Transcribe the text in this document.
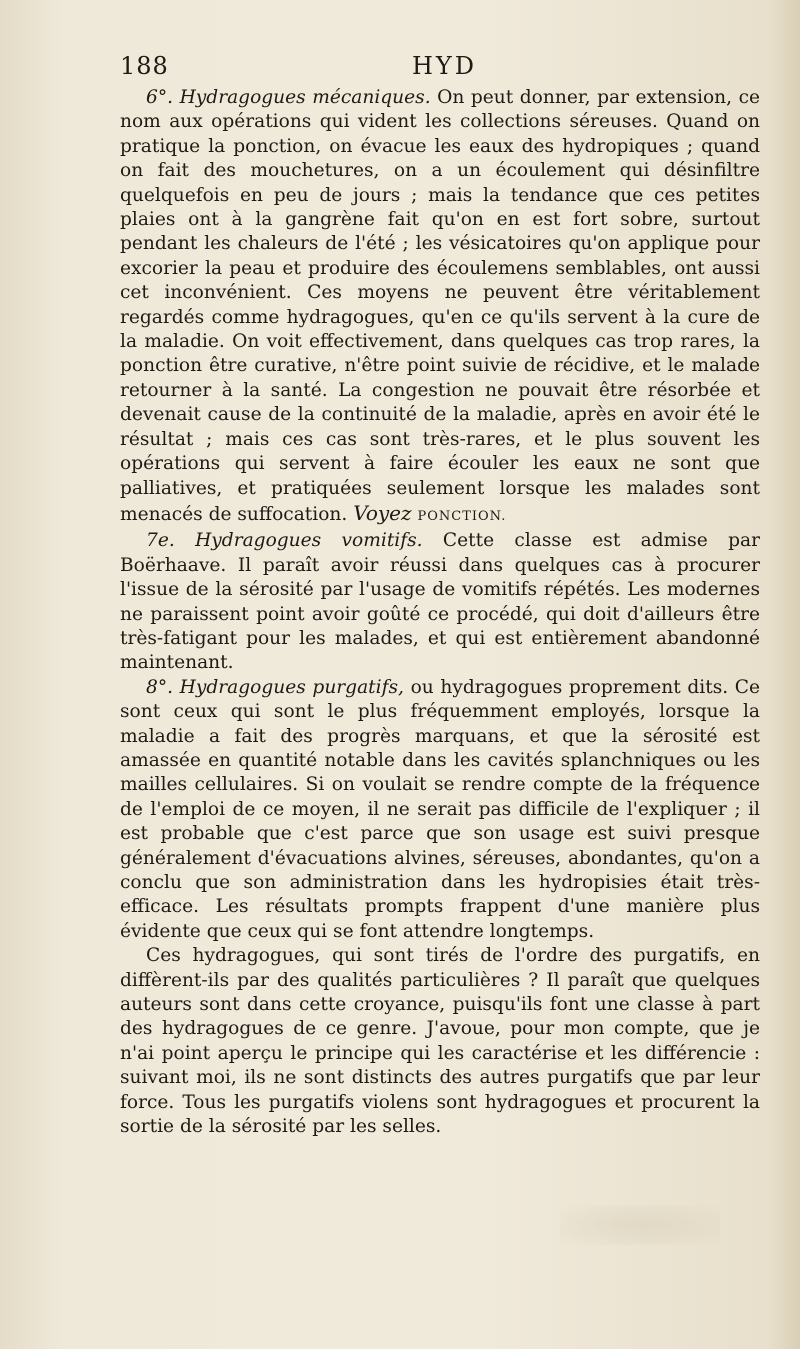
188	HYD

6°. Hydragogues mécaniques. On peut donner, par extension, ce nom aux opérations qui vident les collections séreuses. Quand on pratique la ponction, on évacue les eaux des hydropiques ; quand on fait des mouchetures, on a un écoulement qui désinfiltre quelquefois en peu de jours ; mais la tendance que ces petites plaies ont à la gangrène fait qu'on en est fort sobre, surtout pendant les chaleurs de l'été ; les vésicatoires qu'on applique pour excorier la peau et produire des écoulemens semblables, ont aussi cet inconvénient. Ces moyens ne peuvent être véritablement regardés comme hydragogues, qu'en ce qu'ils servent à la cure de la maladie. On voit effectivement, dans quelques cas trop rares, la ponction être curative, n'être point suivie de récidive, et le malade retourner à la santé. La congestion ne pouvait être résorbée et devenait cause de la continuité de la maladie, après en avoir été le résultat ; mais ces cas sont très-rares, et le plus souvent les opérations qui servent à faire écouler les eaux ne sont que palliatives, et pratiquées seulement lorsque les malades sont menacés de suffocation. Voyez PONCTION.

7e. Hydragogues vomitifs. Cette classe est admise par Boërhaave. Il paraît avoir réussi dans quelques cas à procurer l'issue de la sérosité par l'usage de vomitifs répétés. Les modernes ne paraissent point avoir goûté ce procédé, qui doit d'ailleurs être très-fatigant pour les malades, et qui est entièrement abandonné maintenant.

8°. Hydragogues purgatifs, ou hydragogues proprement dits. Ce sont ceux qui sont le plus fréquemment employés, lorsque la maladie a fait des progrès marquans, et que la sérosité est amassée en quantité notable dans les cavités splanchniques ou les mailles cellulaires. Si on voulait se rendre compte de la fréquence de l'emploi de ce moyen, il ne serait pas difficile de l'expliquer ; il est probable que c'est parce que son usage est suivi presque généralement d'évacuations alvines, séreuses, abondantes, qu'on a conclu que son administration dans les hydropisies était très-efficace. Les résultats prompts frappent d'une manière plus évidente que ceux qui se font attendre longtemps.

Ces hydragogues, qui sont tirés de l'ordre des purgatifs, en diffèrent-ils par des qualités particulières ? Il paraît que quelques auteurs sont dans cette croyance, puisqu'ils font une classe à part des hydragogues de ce genre. J'avoue, pour mon compte, que je n'ai point aperçu le principe qui les caractérise et les différencie : suivant moi, ils ne sont distincts des autres purgatifs que par leur force. Tous les purgatifs violens sont hydragogues et procurent la sortie de la sérosité par les selles.
